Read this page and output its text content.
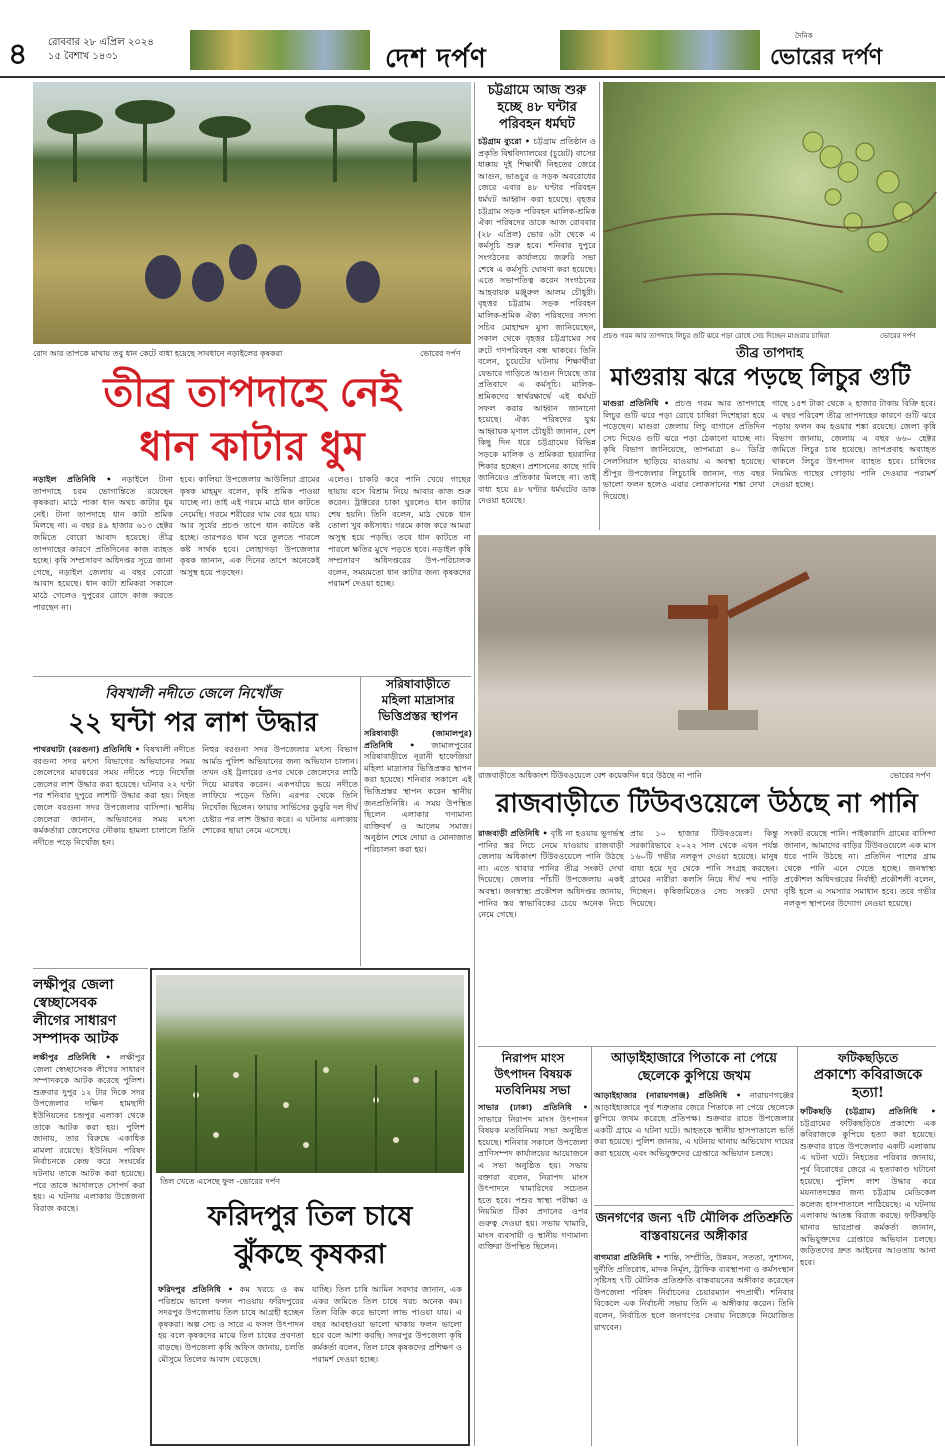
৪ রোববার ২৮ এপ্রিল ২০২৪
১৫ বৈশাখ ১৪৩১	দেশ দর্পণ
দৈনিক
ভোরের দর্পণ
রোদ আর তাপকে মাথায় তবু ধান কেটে বাধা হয়েছে সাবধানে নড়াইলের কৃষকরা	ভোরের দর্পণ
তীব্র তাপদাহে নেই
ধান কাটার ধুম
নড়াইল প্রতিনিধি • নড়াইলে টানা তাপদাহে চরম ভোগান্তিতে রয়েছেন কৃষকরা। মাঠে পাকা ধান অথচ কাটার ধুম নেই। টানা তাপদাহে ধান কাটা শ্রমিক মিলছে না। এ বছর ৪৯ হাজার ৬১৩ হেক্টর জমিতে বোরো আবাদ হয়েছে। তীব্র তাপদাহের কারণে প্রতিদিনের কাজ ব্যাহত হচ্ছে। কৃষি সম্প্রসারণ অধিদপ্তর সূত্রে জানা গেছে, নড়াইল জেলায় এ বছর বোরো আবাদ হয়েছে। ধান কাটা শ্রমিকরা সকালে মাঠে গেলেও দুপুরের রোদে কাজ করতে পারছেন না।
হবে। কালিয়া উপজেলার আউলিয়া গ্রামের কৃষক মাহমুদ বলেন, কৃষি শ্রমিক পাওয়া যাচ্ছে না। তাই এই গরমে মাঠে ধান কাটতে নেমেছি। গরমে শরীরের ঘাম বের হয়ে যায়। আর সূর্যের প্রচণ্ড তাপে ধান কাটতে কষ্ট হচ্ছে। তারপরও ধান ঘরে তুলতে পারলে কষ্ট সার্থক হবে। লোহাগড়া উপজেলার কৃষক জানান, এক দিনের তাপে অনেকেই অসুস্থ হয়ে পড়ছেন।
এলেও। চাকরি করে পানি খেয়ে গাছের ছায়ায় বসে বিশ্রাম নিয়ে আবার কাজ শুরু করেন। ট্রাক্টরের চাকা ঘুরলেও ধান কাটার শেষ হয়নি। তিনি বলেন, মাঠ থেকে ধান তোলা খুব কষ্টসাধ্য। গরমে কাজ করে আমরা অসুস্থ হয়ে পড়ছি। তবে ধান কাটতে না পারলে ক্ষতির মুখে পড়তে হবে। নড়াইল কৃষি সম্প্রসারণ অধিদপ্তরের উপ-পরিচালক বলেন, সময়মতো ধান কাটার জন্য কৃষকদের পরামর্শ দেওয়া হচ্ছে।
চট্টগ্রামে আজ শুরু
হচ্ছে ৪৮ ঘন্টার
পরিবহন ধর্মঘট
চট্টগ্রাম ব্যুরো • চট্টগ্রাম প্রতিষ্ঠান ও প্রকৃতি বিশ্ববিদ্যালয়ের (চুয়েট) বাসের ধাক্কায় দুই শিক্ষার্থী নিহতের জেরে আগুন, ভাঙচুর ও সড়ক অবরোধের জেরে এবার ৪৮ ঘণ্টার পরিবহন ধর্মঘট আহ্বান করা হয়েছে। বৃহত্তর চট্টগ্রাম সড়ক পরিবহন মালিক-শ্রমিক ঐক্য পরিষদের ডাকে আজ রোববার (২৮ এপ্রিল) ভোর ৬টা থেকে এ কর্মসূচি শুরু হবে। শনিবার দুপুরে সংগঠনের কার্যালয়ে জরুরি সভা শেষে এ কর্মসূচি ঘোষণা করা হয়েছে। এতে সভাপতিত্ব করেন সংগঠনের আহবায়ক মঞ্জুরুল আলম চৌধুরী। বৃহত্তর চট্টগ্রাম সড়ক পরিবহন মালিক-শ্রমিক ঐক্য পরিষদের সদস্য সচিব মোহাম্মদ মুসা জানিয়েছেন, সকাল থেকে বৃহত্তর চট্টগ্রামের সব রুটে গণপরিবহন বন্ধ থাকবে। তিনি বলেন, চুয়েটের ঘটনায় শিক্ষার্থীরা যেভাবে গাড়িতে আগুন দিয়েছে তার প্রতিবাদে এ কর্মসূচি। মালিক-শ্রমিকদের স্বার্থরক্ষার্থে এই ধর্মঘট সফল করার আহ্বান জানানো হয়েছে। ঐক্য পরিষদের যুগ্ম আহ্বায়ক মৃণাল চৌধুরী জানান, বেশ কিছু দিন ধরে চট্টগ্রামের বিভিন্ন সড়কে মালিক ও শ্রমিকরা হয়রানির শিকার হচ্ছেন। প্রশাসনের কাছে দাবি জানিয়েও প্রতিকার মিলছে না। তাই বাধ্য হয়ে ৪৮ ঘণ্টার ধর্মঘটের ডাক দেওয়া হয়েছে।
প্রচণ্ড গরম আর তাপদাহে লিচুর গুটি ঝরে পড়া রোধে সেচ দিচ্ছেন মাগুরার চাষিরা	ভোরের দর্পণ
তীব্র তাপদাহ
মাগুরায় ঝরে পড়ছে লিচুর গুটি
মাগুরা প্রতিনিধি • প্রচণ্ড গরম আর তাপদাহে লিচুর গুটি ঝরে পড়া রোধে চাষিরা দিশেহারা হয়ে পড়েছেন। মাগুরা জেলায় লিচু বাগানে প্রতিদিন সেচ দিয়েও গুটি ঝরে পড়া ঠেকানো যাচ্ছে না। কৃষি বিভাগ জানিয়েছে, তাপমাত্রা ৪০ ডিগ্রি সেলসিয়াস ছাড়িয়ে যাওয়ায় এ অবস্থা হয়েছে। শ্রীপুর উপজেলার লিচুচাষি জানান, গত বছর ভালো ফলন হলেও এবার লোকসানের শঙ্কা দেখা দিয়েছে।
গাছে ১৫শ টাকা থেকে ২ হাজার টাকায় বিক্রি হবে। এ বছর পরিবেশ তীব্র তাপদাহের কারণে গুটি ঝরে পড়ায় ফলন কম হওয়ার শঙ্কা রয়েছে। জেলা কৃষি বিভাগ জানায়, জেলায় এ বছর ৬৬০ হেক্টর জমিতে লিচুর চাষ হয়েছে। তাপপ্রবাহ অব্যাহত থাকলে লিচুর উৎপাদন ব্যাহত হবে। চাষিদের নিয়মিত গাছের গোড়ায় পানি দেওয়ার পরামর্শ দেওয়া হচ্ছে।
বিষখালী নদীতে জেলে নিখোঁজ
২২ ঘন্টা পর লাশ উদ্ধার
পাথরঘাটা (বরগুনা) প্রতিনিধি • বিষখালী নদীতে বরগুনা সদর মৎস্য বিভাগের অভিযানের সময় জেলেদের মারধরের সময় নদীতে পড়ে নিখোঁজ জেলের লাশ উদ্ধার করা হয়েছে। ঘটনার ২২ ঘণ্টা পর শনিবার দুপুরে লাশটি উদ্ধার করা হয়। নিহত জেলে বরগুনা সদর উপজেলার বাসিন্দা। স্থানীয় জেলেরা জানান, অভিযানের সময় মৎস্য কর্মকর্তারা জেলেদের নৌকায় হামলা চালালে তিনি নদীতে পড়ে নিখোঁজ হন।
নিহুর বরগুনা সদর উপজেলার মৎস্য বিভাগ আর্মড পুলিশ অভিযানের জন্য অভিযান চালান। তখন ওই ট্রলারের ওপর থেকে জেলেদের লাঠি দিয়ে মারধর করেন। একপর্যায়ে ভয়ে নদীতে লাফিয়ে পড়েন তিনি। এরপর থেকে তিনি নিখোঁজ ছিলেন। ফায়ার সার্ভিসের ডুবুরি দল দীর্ঘ চেষ্টার পর লাশ উদ্ধার করে। এ ঘটনায় এলাকায় শোকের ছায়া নেমে এসেছে।
সরিষাবাড়ীতে
মহিলা মাদ্রাসার
ভিত্তিপ্রস্তর স্থাপন
সরিষাবাড়ী (জামালপুর) প্রতিনিধি • জামালপুরের সরিষাবাড়ীতে নূরানী হাফেজিয়া মহিলা মাদ্রাসার ভিত্তিপ্রস্তর স্থাপন করা হয়েছে। শনিবার সকালে এই ভিত্তিপ্রস্তর স্থাপন করেন স্থানীয় জনপ্রতিনিধি। এ সময় উপস্থিত ছিলেন এলাকার গণ্যমান্য ব্যক্তিবর্গ ও আলেম সমাজ। অনুষ্ঠান শেষে দোয়া ও মোনাজাত পরিচালনা করা হয়।
রাজবাড়ীতে অধিকাংশ টিউবওয়েলে বেশ কয়েকদিন ধরে উঠছে না পানি	ভোরের দর্পণ
রাজবাড়ীতে টিউবওয়েলে উঠছে না পানি
রাজবাড়ী প্রতিনিধি • বৃষ্টি না হওয়ায় ভূগর্ভস্থ পানির স্তর নিচে নেমে যাওয়ায় রাজবাড়ী জেলায় অধিকাংশ টিউবওয়েলে পানি উঠছে না। এতে খাবার পানির তীব্র সংকট দেখা দিয়েছে। জেলার পাঁচটি উপজেলায় একই অবস্থা। জনস্বাস্থ্য প্রকৌশল অধিদপ্তর জানায়, পানির স্তর স্বাভাবিকের চেয়ে অনেক নিচে নেমে গেছে।
প্রায় ১০ হাজার টিউবওয়েল। কিন্তু সরকারিভাবে ২০২২ সাল থেকে এখন পর্যন্ত ১৬০টি গভীর নলকূপ দেওয়া হয়েছে। মানুষ বাধ্য হয়ে দূর থেকে পানি সংগ্রহ করছেন। গ্রামের নারীরা কলসি নিয়ে দীর্ঘ পথ পাড়ি দিচ্ছেন। কৃষিজমিতেও সেচ সংকট দেখা দিয়েছে।
সংকট রয়েছে পানি। পাইকারাদি গ্রামের বাসিন্দা জানান, আমাদের বাড়ির টিউবওয়েলে এক মাস ধরে পানি উঠছে না। প্রতিদিন পাশের গ্রাম থেকে পানি এনে খেতে হচ্ছে। জনস্বাস্থ্য প্রকৌশল অধিদপ্তরের নির্বাহী প্রকৌশলী বলেন, বৃষ্টি হলে এ সমস্যার সমাধান হবে। তবে গভীর নলকূপ স্থাপনের উদ্যোগ নেওয়া হয়েছে।
লক্ষীপুর জেলা
স্বেচ্ছাসেবক
লীগের সাধারণ
সম্পাদক আটক
লক্ষীপুর প্রতিনিধি • লক্ষীপুর জেলা স্বেচ্ছাসেবক লীগের সাধারণ সম্পাদককে আটক করেছে পুলিশ। শুক্রবার দুপুর ১২ টার দিকে সদর উপজেলার দক্ষিণ হামছাদী ইউনিয়নের চন্দ্রপুর এলাকা থেকে তাকে আটক করা হয়। পুলিশ জানায়, তার বিরুদ্ধে একাধিক মামলা রয়েছে। ইউনিয়ন পরিষদ নির্বাচনকে কেন্দ্র করে সংঘর্ষের ঘটনায় তাকে আটক করা হয়েছে। পরে তাকে আদালতে সোপর্দ করা হয়। এ ঘটনায় এলাকায় উত্তেজনা বিরাজ করছে।
তিল খেতে এসেছে ফুল -ভোরের দর্পণ
ফরিদপুর তিল চাষে
ঝুঁকছে কৃষকরা
ফরিদপুর প্রতিনিধি • কম খরচে ও কম পরিশ্রমে ভালো ফলন পাওয়ায় ফরিদপুরের সদরপুর উপজেলায় তিল চাষে আগ্রহী হচ্ছেন কৃষকরা। অল্প সেচ ও সারে এ ফসল উৎপাদন হয় বলে কৃষকদের মাঝে তিল চাষের প্রবণতা বাড়ছে। উপজেলা কৃষি অফিস জানায়, চলতি মৌসুমে তিলের আবাদ বেড়েছে।
যাচ্ছি। তিল চাষি আমিন সরদার জানান, এক একর জমিতে তিল চাষে খরচ অনেক কম। তিল বিক্রি করে ভালো লাভ পাওয়া যায়। এ বছর আবহাওয়া ভালো থাকায় ফলন ভালো হবে বলে আশা করছি। সদরপুর উপজেলা কৃষি কর্মকর্তা বলেন, তিল চাষে কৃষকদের প্রশিক্ষণ ও পরামর্শ দেওয়া হচ্ছে।
নিরাপদ মাংস
উৎপাদন বিষয়ক
মতবিনিময় সভা
সাভার (ঢাকা) প্রতিনিধি • সাভারে নিরাপদ মাংস উৎপাদন বিষয়ক মতবিনিময় সভা অনুষ্ঠিত হয়েছে। শনিবার সকালে উপজেলা প্রাণিসম্পদ কার্যালয়ের আয়োজনে এ সভা অনুষ্ঠিত হয়। সভায় বক্তারা বলেন, নিরাপদ মাংস উৎপাদনে খামারিদের সচেতন হতে হবে। পশুর স্বাস্থ্য পরীক্ষা ও নিয়মিত টিকা প্রদানের ওপর গুরুত্ব দেওয়া হয়। সভায় খামারি, মাংস ব্যবসায়ী ও স্থানীয় গণ্যমান্য ব্যক্তিরা উপস্থিত ছিলেন।
আড়াইহাজারে পিতাকে না পেয়ে
ছেলেকে কুপিয়ে জখম
আড়াইহাজার (নারায়ণগঞ্জ) প্রতিনিধি • নারায়ণগঞ্জের আড়াইহাজারে পূর্ব শত্রুতার জেরে পিতাকে না পেয়ে ছেলেকে কুপিয়ে জখম করেছে প্রতিপক্ষ। শুক্রবার রাতে উপজেলার একটি গ্রামে এ ঘটনা ঘটে। আহতকে স্থানীয় হাসপাতালে ভর্তি করা হয়েছে। পুলিশ জানায়, এ ঘটনায় থানায় অভিযোগ দায়ের করা হয়েছে এবং অভিযুক্তদের গ্রেপ্তারে অভিযান চলছে।
জনগণের জন্য ৭টি মৌলিক প্রতিশ্রুতি
বাস্তবায়নের অঙ্গীকার
বাগমারা প্রতিনিধি • শান্তি, সম্প্রীতি, উন্নয়ন, সততা, সুশাসন, দুর্নীতি প্রতিরোধ, মাদক নির্মূল, ট্রাফিক ব্যবস্থাপনা ও কর্মসংস্থান সৃষ্টিসহ ৭টি মৌলিক প্রতিশ্রুতি বাস্তবায়নের অঙ্গীকার করেছেন উপজেলা পরিষদ নির্বাচনের চেয়ারম্যান পদপ্রার্থী। শনিবার বিকেলে এক নির্বাচনী সভায় তিনি এ অঙ্গীকার করেন। তিনি বলেন, নির্বাচিত হলে জনগণের সেবায় নিজেকে নিয়োজিত রাখবেন।
ফটিকছড়িতে
প্রকাশ্যে কবিরাজকে
হত্যা!
ফটিকছড়ি (চট্টগ্রাম) প্রতিনিধি • চট্টগ্রামের ফটিকছড়িতে প্রকাশ্যে এক কবিরাজকে কুপিয়ে হত্যা করা হয়েছে। শুক্রবার রাতে উপজেলার একটি এলাকায় এ ঘটনা ঘটে। নিহতের পরিবার জানায়, পূর্ব বিরোধের জেরে এ হত্যাকাণ্ড ঘটানো হয়েছে। পুলিশ লাশ উদ্ধার করে ময়নাতদন্তের জন্য চট্টগ্রাম মেডিকেল কলেজ হাসপাতালে পাঠিয়েছে। এ ঘটনায় এলাকায় আতঙ্ক বিরাজ করছে। ফটিকছড়ি থানার ভারপ্রাপ্ত কর্মকর্তা জানান, অভিযুক্তদের গ্রেপ্তারে অভিযান চলছে। জড়িতদের দ্রুত আইনের আওতায় আনা হবে।
